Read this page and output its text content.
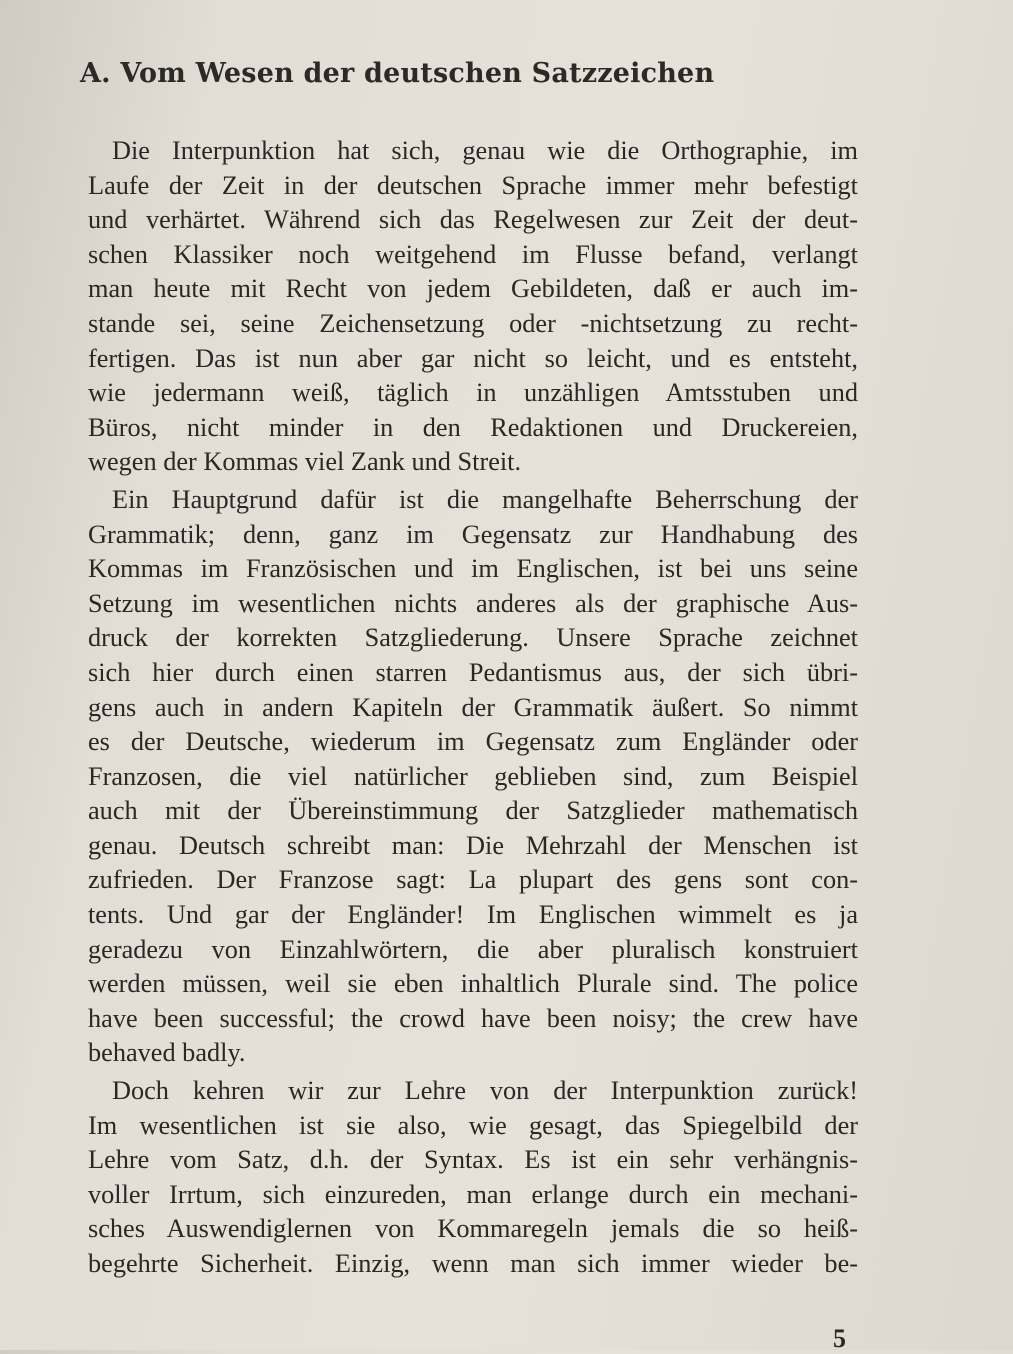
A. Vom Wesen der deutschen Satzzeichen
Die Interpunktion hat sich, genau wie die Orthographie, im
Laufe der Zeit in der deutschen Sprache immer mehr befestigt
und verhärtet. Während sich das Regelwesen zur Zeit der deut-
schen Klassiker noch weitgehend im Flusse befand, verlangt
man heute mit Recht von jedem Gebildeten, daß er auch im-
stande sei, seine Zeichensetzung oder -nichtsetzung zu recht-
fertigen. Das ist nun aber gar nicht so leicht, und es entsteht,
wie jedermann weiß, täglich in unzähligen Amtsstuben und
Büros, nicht minder in den Redaktionen und Druckereien,
wegen der Kommas viel Zank und Streit.
Ein Hauptgrund dafür ist die mangelhafte Beherrschung der
Grammatik; denn, ganz im Gegensatz zur Handhabung des
Kommas im Französischen und im Englischen, ist bei uns seine
Setzung im wesentlichen nichts anderes als der graphische Aus-
druck der korrekten Satzgliederung. Unsere Sprache zeichnet
sich hier durch einen starren Pedantismus aus, der sich übri-
gens auch in andern Kapiteln der Grammatik äußert. So nimmt
es der Deutsche, wiederum im Gegensatz zum Engländer oder
Franzosen, die viel natürlicher geblieben sind, zum Beispiel
auch mit der Übereinstimmung der Satzglieder mathematisch
genau. Deutsch schreibt man: Die Mehrzahl der Menschen ist
zufrieden. Der Franzose sagt: La plupart des gens sont con-
tents. Und gar der Engländer! Im Englischen wimmelt es ja
geradezu von Einzahlwörtern, die aber pluralisch konstruiert
werden müssen, weil sie eben inhaltlich Plurale sind. The police
have been successful; the crowd have been noisy; the crew have
behaved badly.
Doch kehren wir zur Lehre von der Interpunktion zurück!
Im wesentlichen ist sie also, wie gesagt, das Spiegelbild der
Lehre vom Satz, d.h. der Syntax. Es ist ein sehr verhängnis-
voller Irrtum, sich einzureden, man erlange durch ein mechani-
sches Auswendiglernen von Kommaregeln jemals die so heiß-
begehrte Sicherheit. Einzig, wenn man sich immer wieder be-
5
